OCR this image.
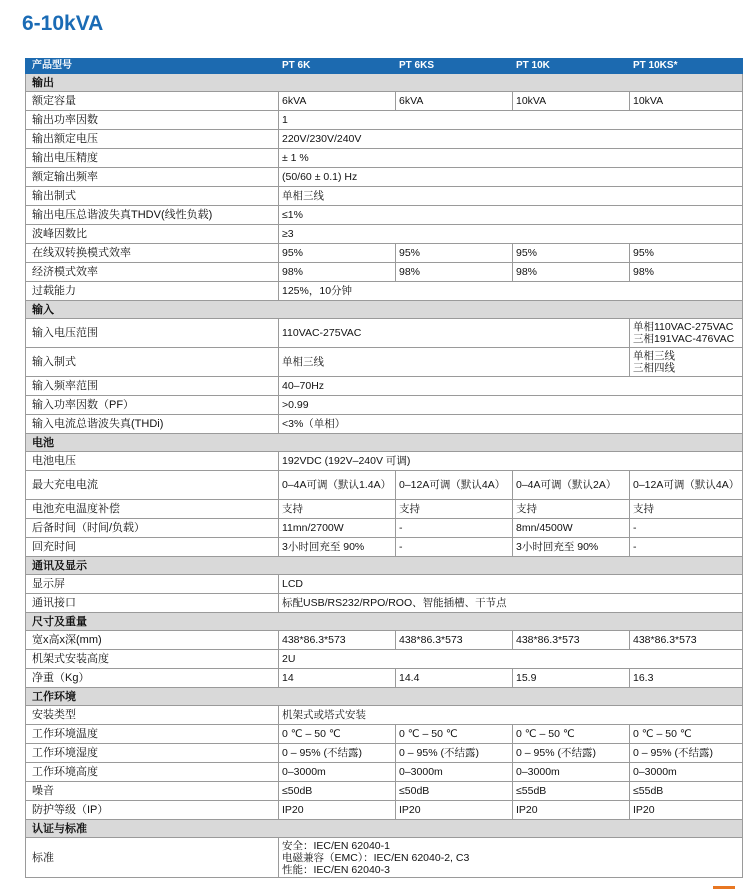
6-10kVA
产品型号	PT 6K	PT 6KS	PT 10K	PT 10KS*
输出				
额定容量	6kVA	6kVA	10kVA	10kVA
输出功率因数	1			
输出额定电压	220V/230V/240V			
输出电压精度	± 1 %			
额定输出频率	(50/60 ± 0.1) Hz			
输出制式	单相三线			
输出电压总谐波失真THDV(线性负载)	≤1%			
波峰因数比	≥3			
在线双转换模式效率	95%	95%	95%	95%
经济模式效率	98%	98%	98%	98%
过载能力	125%，10分钟			
输入				
输入电压范围	110VAC-275VAC			单相110VAC-275VAC
三相191VAC-476VAC
输入制式	单相三线			单相三线
三相四线
输入频率范围	40–70Hz			
输入功率因数（PF）	>0.99			
输入电流总谐波失真(THDi)	<3%（单相）			
电池				
电池电压	192VDC (192V–240V 可调)			
最大充电电流	0–4A可调（默认1.4A）	0–12A可调（默认4A）	0–4A可调（默认2A）	0–12A可调（默认4A）
电池充电温度补偿	支持	支持	支持	支持
后备时间（时间/负载）	11mn/2700W	-	8mn/4500W	-
回充时间	3小时回充至 90%	-	3小时回充至 90%	-
通讯及显示				
显示屏	LCD			
通讯接口	标配USB/RS232/RPO/ROO、智能插槽、干节点			
尺寸及重量				
宽x高x深(mm)	438*86.3*573	438*86.3*573	438*86.3*573	438*86.3*573
机架式安装高度	2U			
净重（Kg）	14	14.4	15.9	16.3
工作环境				
安装类型	机架式或塔式安装			
工作环境温度	0 ℃ – 50 ℃	0 ℃ – 50 ℃	0 ℃ – 50 ℃	0 ℃ – 50 ℃
工作环境湿度	0 – 95% (不结露)	0 – 95% (不结露)	0 – 95% (不结露)	0 – 95% (不结露)
工作环境高度	0–3000m	0–3000m	0–3000m	0–3000m
噪音	≤50dB	≤50dB	≤55dB	≤55dB
防护等级（IP）	IP20	IP20	IP20	IP20
认证与标准				
标准	安全：IEC/EN 62040-1
电磁兼容（EMC）：IEC/EN 62040-2, C3
性能：IEC/EN 62040-3			
